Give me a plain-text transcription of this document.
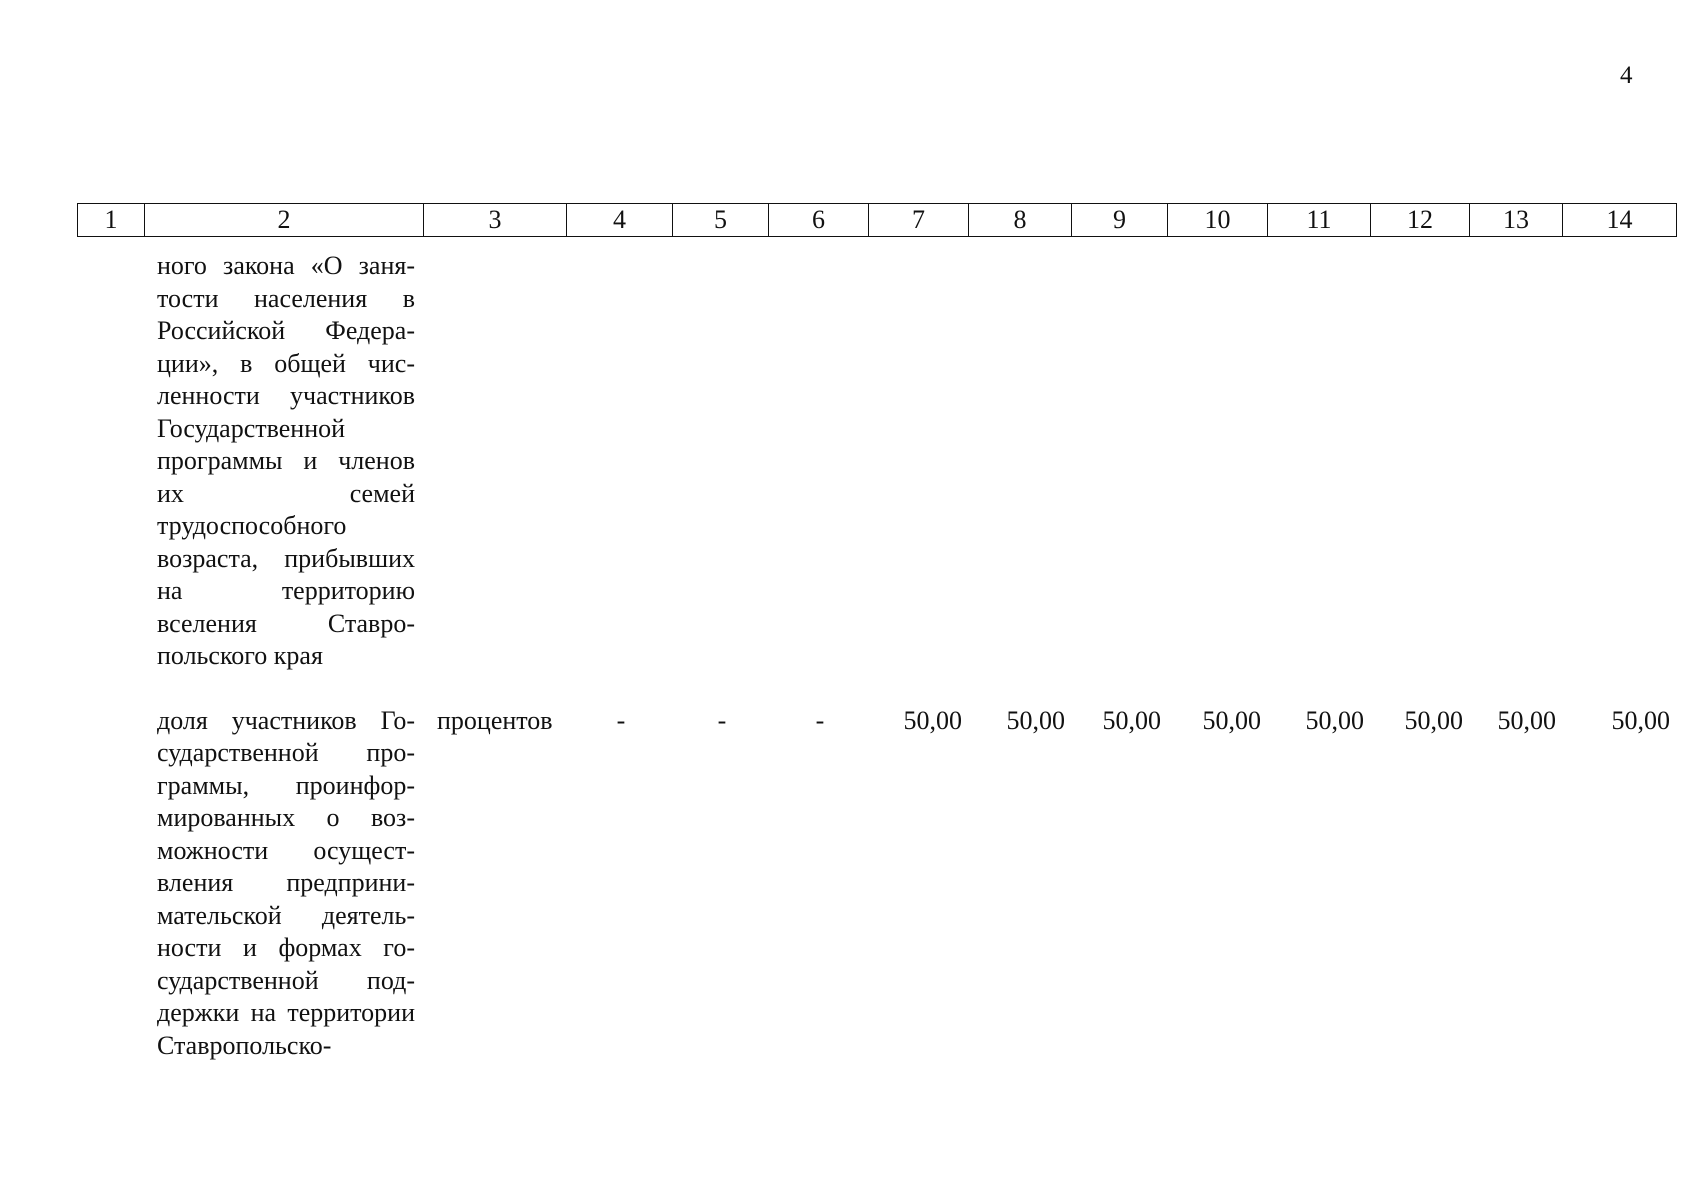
4
1	2	3	4	5	6	7	8	9	10	11	12	13	14
ного закона «О занятости населения в Российской Федерации», в общей численности участников Государственной программы и членов их семей трудоспособного возраста, прибывших на территорию вселения Ставропольского края												

доля участников Государственной программы, проинформированных о возможности осуществления предпринимательской деятельности и формах государственной поддержки на территории Ставропольско-	процентов	-	-	-	50,00	50,00	50,00	50,00	50,00	50,00	50,00	50,00
